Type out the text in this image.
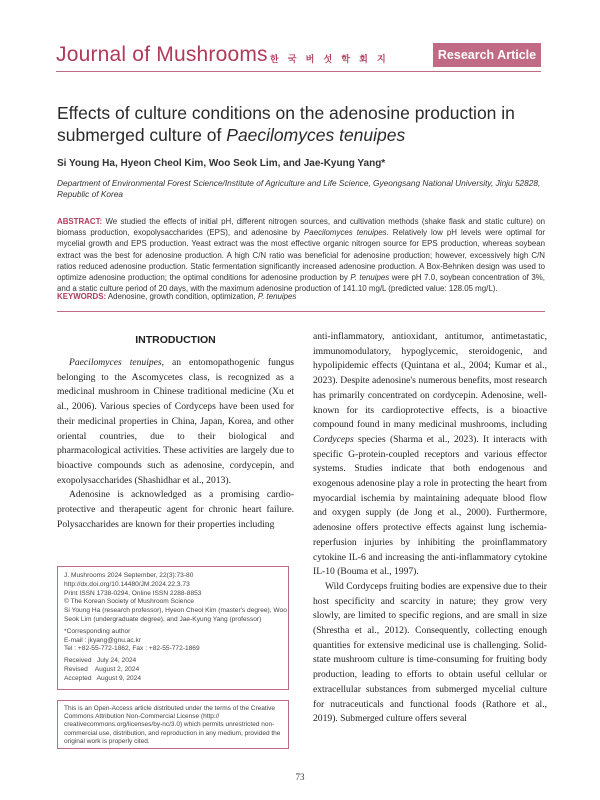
Journal of Mushrooms 한 국 버 섯 학 회 지	Research Article
Effects of culture conditions on the adenosine production in submerged culture of Paecilomyces tenuipes
Si Young Ha, Hyeon Cheol Kim, Woo Seok Lim, and Jae-Kyung Yang*
Department of Environmental Forest Science/Institute of Agriculture and Life Science, Gyeongsang National University, Jinju 52828, Republic of Korea
ABSTRACT: We studied the effects of initial pH, different nitrogen sources, and cultivation methods (shake flask and static culture) on biomass production, exopolysaccharides (EPS), and adenosine by Paecilomyces tenuipes. Relatively low pH levels were optimal for mycelial growth and EPS production. Yeast extract was the most effective organic nitrogen source for EPS production, whereas soybean extract was the best for adenosine production. A high C/N ratio was beneficial for adenosine production; however, excessively high C/N ratios reduced adenosine production. Static fermentation significantly increased adenosine production. A Box-Behnken design was used to optimize adenosine production; the optimal conditions for adenosine production by P. tenuipes were pH 7.0, soybean concentration of 3%, and a static culture period of 20 days, with the maximum adenosine production of 141.10 mg/L (predicted value: 128.05 mg/L).
KEYWORDS: Adenosine, growth condition, optimization, P. tenuipes
INTRODUCTION

Paecilomyces tenuipes, an entomopathogenic fungus belonging to the Ascomycetes class, is recognized as a medicinal mushroom in Chinese traditional medicine (Xu et al., 2006). Various species of Cordyceps have been used for their medicinal properties in China, Japan, Korea, and other oriental countries, due to their biological and pharmacological activities. These activities are largely due to bioactive compounds such as adenosine, cordycepin, and exopolysaccharides (Shashidhar et al., 2013).

Adenosine is acknowledged as a promising cardio-protective and therapeutic agent for chronic heart failure. Polysaccharides are known for their properties including

anti-inflammatory, antioxidant, antitumor, antimetastatic, immunomodulatory, hypoglycemic, steroidogenic, and hypolipidemic effects (Quintana et al., 2004; Kumar et al., 2023). Despite adenosine's numerous benefits, most research has primarily concentrated on cordycepin. Adenosine, well-known for its cardioprotective effects, is a bioactive compound found in many medicinal mushrooms, including Cordyceps species (Sharma et al., 2023). It interacts with specific G-protein-coupled receptors and various effector systems. Studies indicate that both endogenous and exogenous adenosine play a role in protecting the heart from myocardial ischemia by maintaining adequate blood flow and oxygen supply (de Jong et al., 2000). Furthermore, adenosine offers protective effects against lung ischemia-reperfusion injuries by inhibiting the proinflammatory cytokine IL-6 and increasing the anti-inflammatory cytokine IL-10 (Bouma et al., 1997).

Wild Cordyceps fruiting bodies are expensive due to their host specificity and scarcity in nature; they grow very slowly, are limited to specific regions, and are small in size (Shrestha et al., 2012). Consequently, collecting enough quantities for extensive medicinal use is challenging. Solid-state mushroom culture is time-consuming for fruiting body production, leading to efforts to obtain useful cellular or extracellular substances from submerged mycelial culture for nutraceuticals and functional foods (Rathore et al., 2019). Submerged culture offers several

J. Mushrooms 2024 September, 22(3):73-80
http://dx.doi.org/10.14480/JM.2024.22.3.73
Print ISSN 1738-0294, Online ISSN 2288-8853
© The Korean Society of Mushroom Science
Si Young Ha (research professor), Hyeon Cheol Kim (master's degree), Woo
Seok Lim (undergraduate degree), and Jae-Kyung Yang (professor)
*Corresponding author
E-mail : jkyang@gnu.ac.kr
Tel : +82-55-772-1862, Fax : +82-55-772-1869
Received   July 24, 2024
Revised    August 2, 2024
Accepted   August 9, 2024
This is an Open-Access article distributed under the terms of the Creative Commons Attribution Non-Commercial License (http:// creativecommons.org/licenses/by-nc/3.0) which permits unrestricted non-commercial use, distribution, and reproduction in any medium, provided the original work is properly cited.
73
